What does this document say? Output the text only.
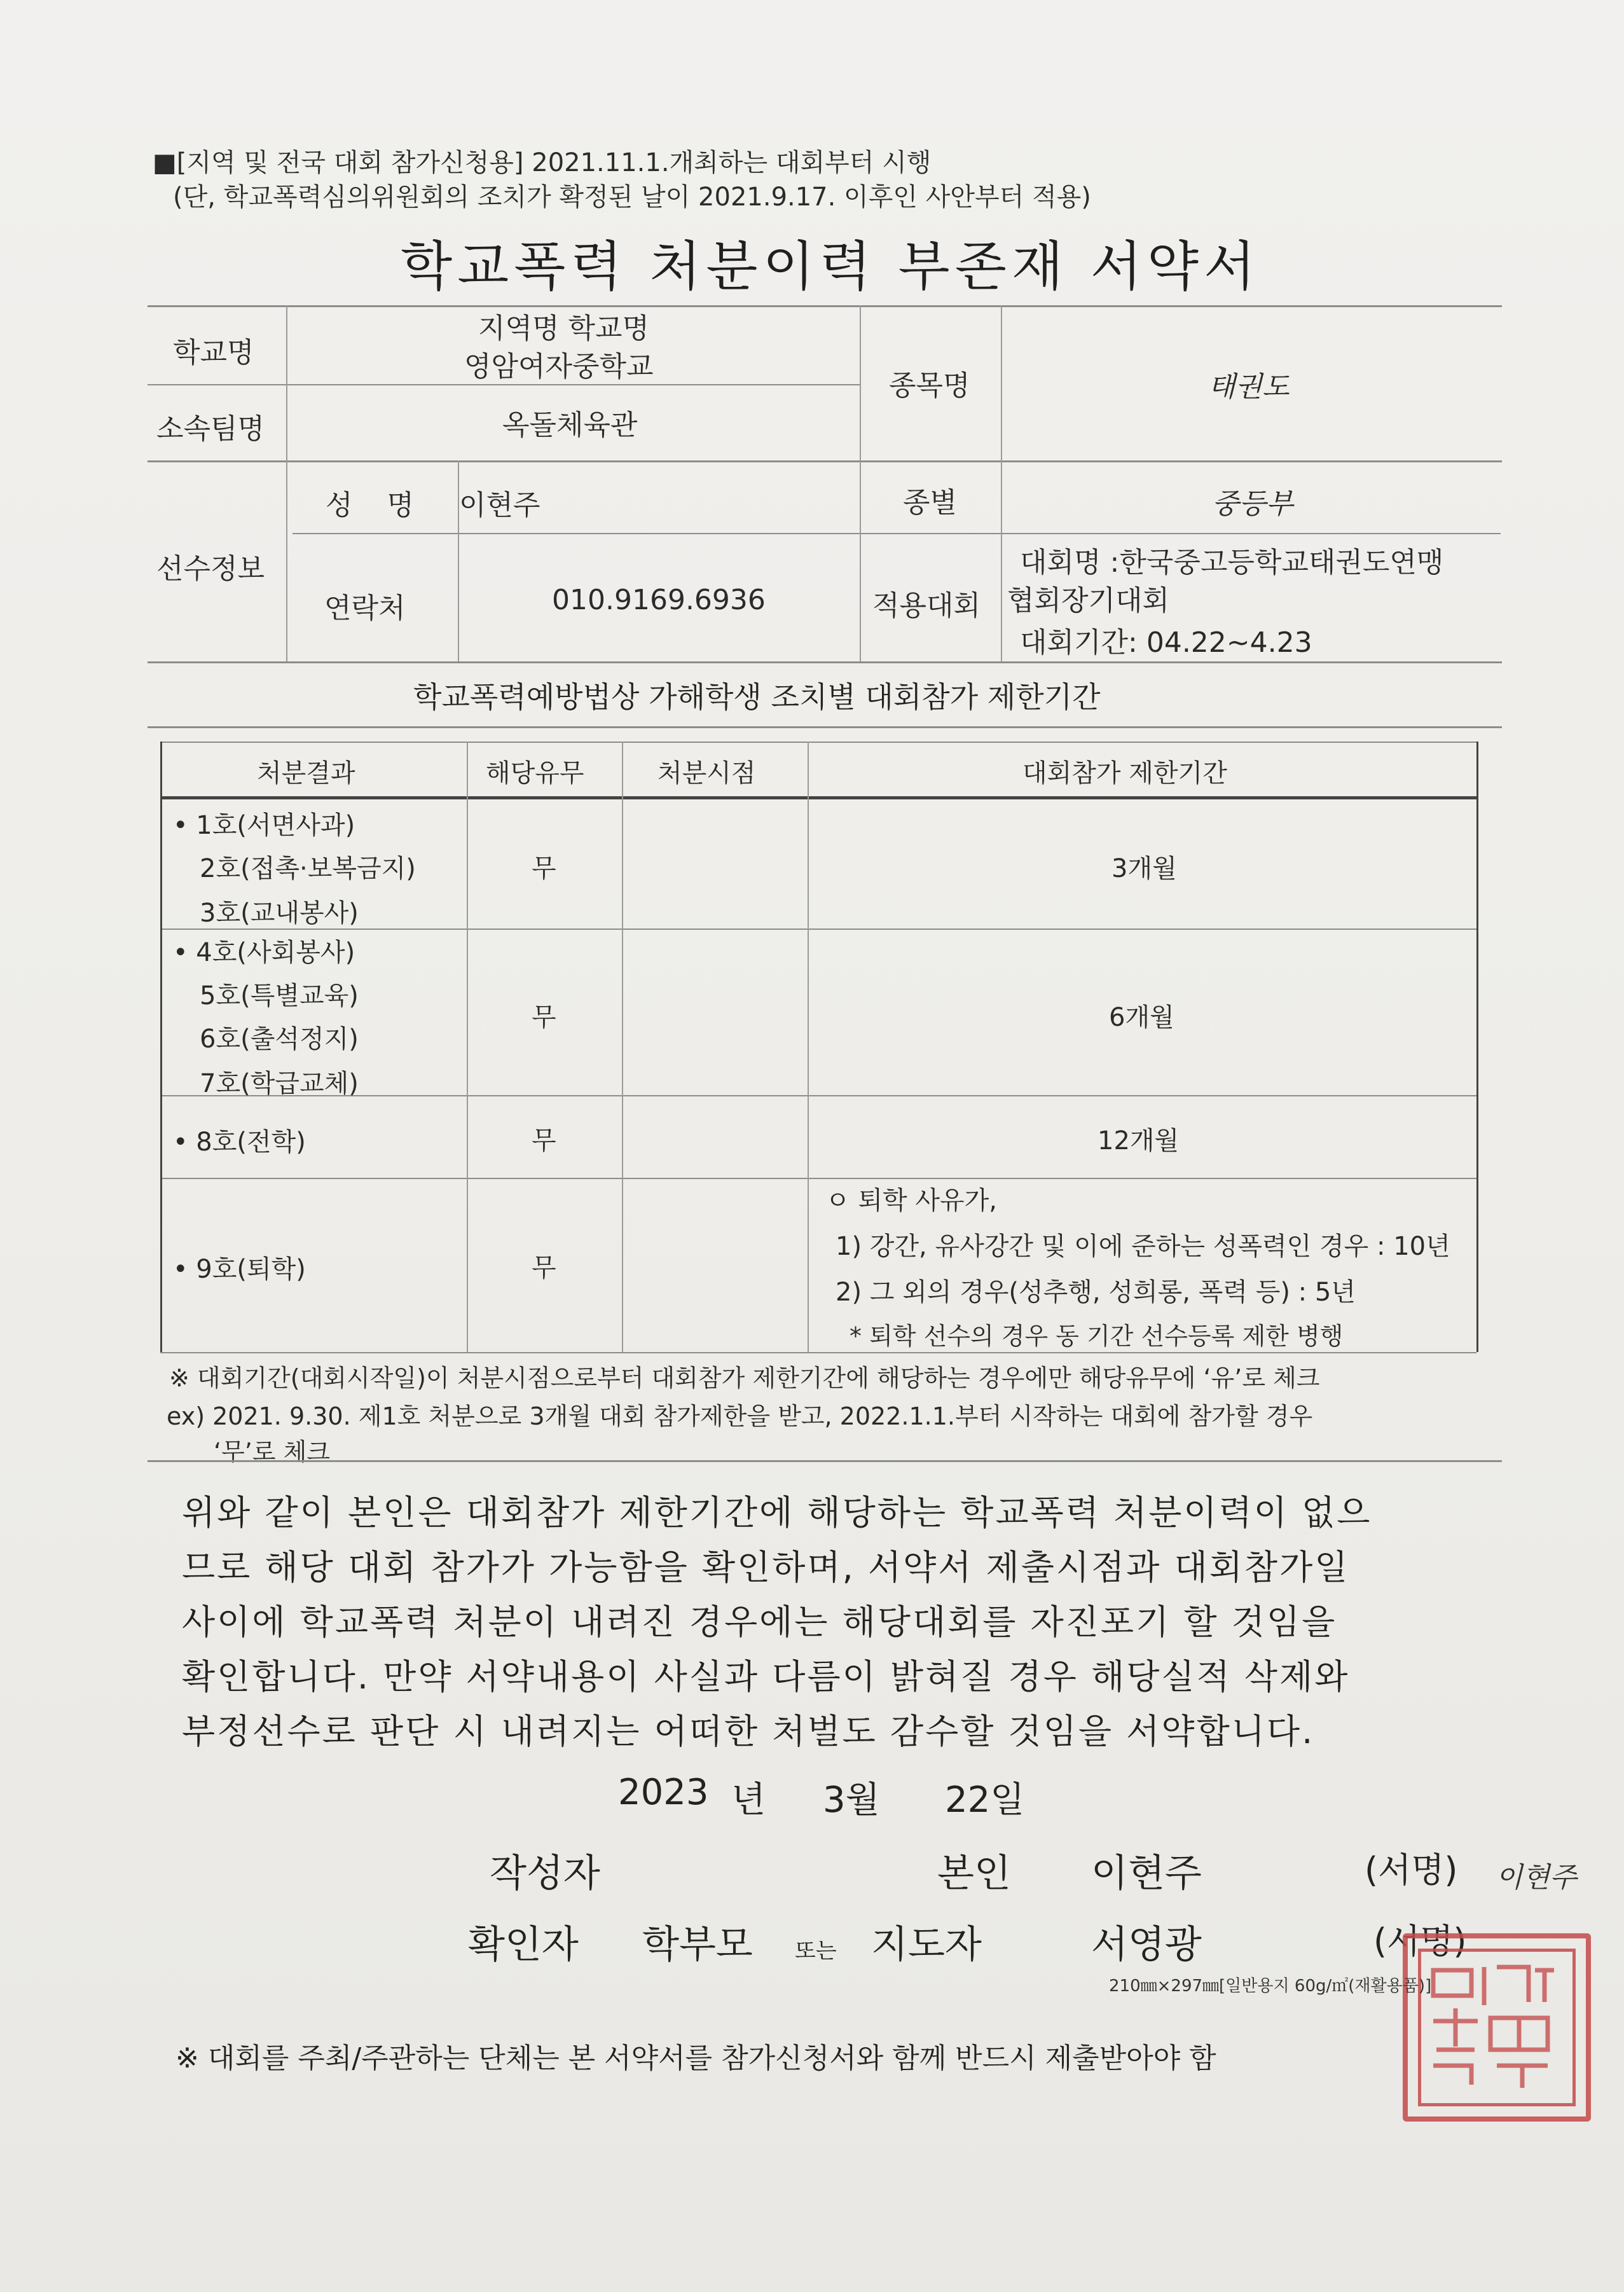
■[지역 및 전국 대회 참가신청용] 2021.11.1.개최하는 대회부터 시행
(단, 학교폭력심의위원회의 조치가 확정된 날이 2021.9.17. 이후인 사안부터 적용)
학교폭력 처분이력 부존재 서약서
학교명
지역명 학교명
영암여자중학교
소속팀명	옥돌체육관
종목명	태권도
선수정보
성 명 이현주	종별	중등부
연락처	010.9169.6936	적용대회
대회명 :한국중고등학교태권도연맹
협회장기대회
대회기간: 04.22~4.23
학교폭력예방법상 가해학생 조치별 대회참가 제한기간
처분결과	해당유무	처분시점	대회참가 제한기간
• 1호(서면사과)
2호(접촉·보복금지)
3호(교내봉사)
무	3개월
• 4호(사회봉사)
5호(특별교육)
6호(출석정지)
7호(학급교체)
무	6개월
• 8호(전학)	무	12개월
• 9호(퇴학)	무
ㅇ 퇴학 사유가,
1) 강간, 유사강간 및 이에 준하는 성폭력인 경우 : 10년
2) 그 외의 경우(성추행, 성희롱, 폭력 등) : 5년
* 퇴학 선수의 경우 동 기간 선수등록 제한 병행
※ 대회기간(대회시작일)이 처분시점으로부터 대회참가 제한기간에 해당하는 경우에만 해당유무에 ‘유’로 체크
ex) 2021. 9.30. 제1호 처분으로 3개월 대회 참가제한을 받고, 2022.1.1.부터 시작하는 대회에 참가할 경우
‘무’로 체크
위와 같이 본인은 대회참가 제한기간에 해당하는 학교폭력 처분이력이 없으
므로 해당 대회 참가가 가능함을 확인하며, 서약서 제출시점과 대회참가일
사이에 학교폭력 처분이 내려진 경우에는 해당대회를 자진포기 할 것임을
확인합니다. 만약 서약내용이 사실과 다름이 밝혀질 경우 해당실적 삭제와
부정선수로 판단 시 내려지는 어떠한 처벌도 감수할 것임을 서약합니다.
2023 년 3월 22일
작성자	본인 이현주	(서명) 이현주
확인자 학부모 또는 지도자	서영광	(서명)
210㎜×297㎜[일반용지 60g/㎡(재활용품)]
※ 대회를 주최/주관하는 단체는 본 서약서를 참가신청서와 함께 반드시 제출받아야 함
